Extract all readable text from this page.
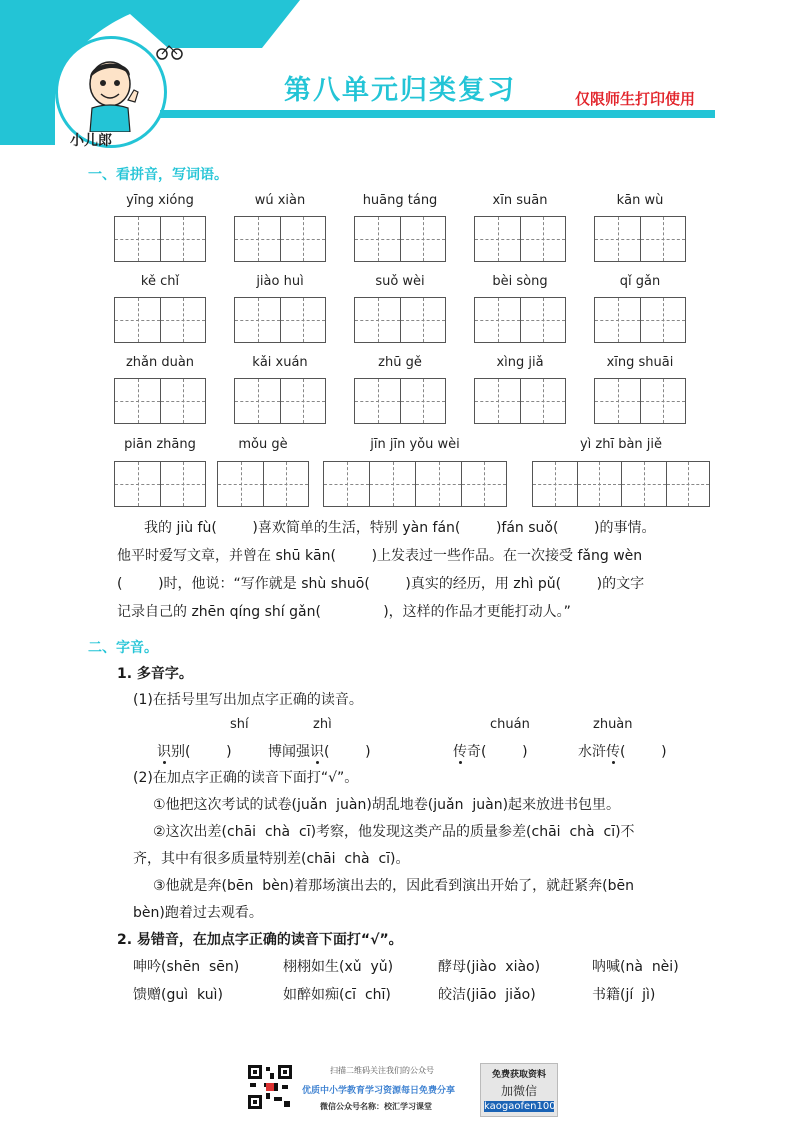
第八单元归类复习	仅限师生打印使用
小儿郎
一、看拼音，写词语。
yīng xióng	wú xiàn	huāng táng	xīn suān	kān wù
kě chǐ	jiào huì	suǒ wèi	bèi sòng	qǐ gǎn
zhǎn duàn	kǎi xuán	zhū gě	xìng jiǎ	xīng shuāi
piān zhāng	mǒu gè	jīn jīn yǒu wèi	yì zhī bàn jiě
我的 jiù fù(        )喜欢简单的生活，特别 yàn fán(        )fán suǒ(        )的事情。
他平时爱写文章，并曾在 shū kān(        )上发表过一些作品。在一次接受 fǎng wèn
(        )时，他说：“写作就是 shù shuō(        )真实的经历，用 zhì pǔ(        )的文字
记录自己的 zhēn qíng shí gǎn(              )，这样的作品才更能打动人。”
二、字音。
1. 多音字。
(1)在括号里写出加点字正确的读音。
shí	zhì	chuán	zhuàn
识别(        )	博闻强识(        )	传奇(        )	水浒传(        )
(2)在加点字正确的读音下面打“√”。
①他把这次考试的试卷(juǎn  juàn)胡乱地卷(juǎn  juàn)起来放进书包里。
②这次出差(chāi  chà  cī)考察，他发现这类产品的质量参差(chāi  chà  cī)不
齐，其中有很多质量特别差(chāi  chà  cī)。
③他就是奔(bēn  bèn)着那场演出去的，因此看到演出开始了，就赶紧奔(bēn
bèn)跑着过去观看。
2. 易错音，在加点字正确的读音下面打“√”。
呻吟(shēn  sēn)	栩栩如生(xǔ  yǔ)	酵母(jiào  xiào)	呐喊(nà  nèi)
馈赠(guì  kuì)	如醉如痴(cī  chī)	皎洁(jiāo  jiǎo)	书籍(jí  jì)
扫描二维码关注我们的公众号
优质中小学教育学习资源每日免费分享
微信公众号名称：校汇学习课堂
免费获取资料
加微信
kaogaofen100
